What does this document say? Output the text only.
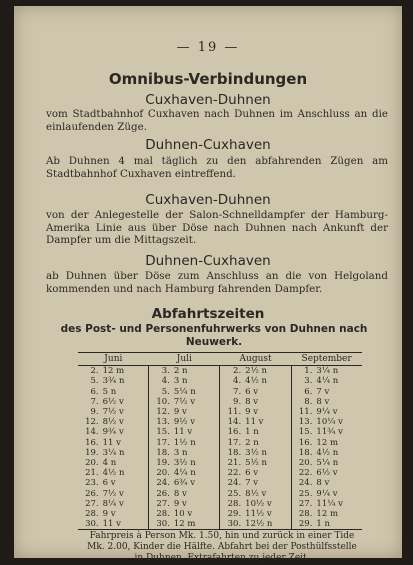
— 19 —
Omnibus-Verbindungen
Cuxhaven-Duhnen
vom Stadtbahnhof Cuxhaven nach Duhnen im Anschluss an die einlaufenden Züge.
Duhnen-Cuxhaven
Ab Duhnen 4 mal täglich zu den abfahrenden Zügen am Stadtbahnhof Cuxhaven eintreffend.
Cuxhaven-Duhnen
von der Anlegestelle der Salon-Schnelldampfer der Hamburg-Amerika Linie aus über Döse nach Duhnen nach Ankunft der Dampfer um die Mittagszeit.
Duhnen-Cuxhaven
ab Duhnen über Döse zum Anschluss an die von Helgoland kommenden und nach Hamburg fahrenden Dampfer.
Abfahrtszeiten
des Post- und Personenfuhrwerks von Duhnen nach Neuwerk.
Juni		Juli		August		September	
2.	12 m	3.	2 n	2.	2½ n	1.	3¼ n
5.	3¾ n	4.	3 n	4.	4½ n	3.	4¼ n
6.	5 n	5.	5¼ n	7.	6 v	6.	7 v
7.	6½ v	10.	7½ v	9.	8 v	8.	8 v
9.	7½ v	12.	9 v	11.	9 v	11.	9¼ v
12.	8½ v	13.	9½ v	14.	11 v	13.	10¼ v
14.	9¾ v	15.	11 v	16.	1 n	15.	11¾ v
16.	11 v	17.	1½ n	17.	2 n	16.	12 m
19.	3¼ n	18.	3 n	18.	3½ n	18.	4½ n
20.	4 n	19.	3½ n	21.	5½ n	20.	5¼ n
21.	4½ n	20.	4¼ n	22.	6 v	22.	6½ v
23.	6 v	24.	6¾ v	24.	7 v	24.	8 v
26.	7½ v	26.	8 v	25.	8½ v	25.	9¼ v
27.	8¼ v	27.	9 v	28.	10½ v	27.	11¼ v
28.	9 v	28.	10 v	29.	11½ v	28.	12 m
30.	11 v	30.	12 m	30.	12½ n	29.	1 n
Fahrpreis à Person Mk. 1.50, hin und zurück in einer Tide Mk. 2.00, Kinder die Hälfte. Abfahrt bei der Posthülfsstelle in Duhnen. Extrafahrten zu jeder Zeit.
